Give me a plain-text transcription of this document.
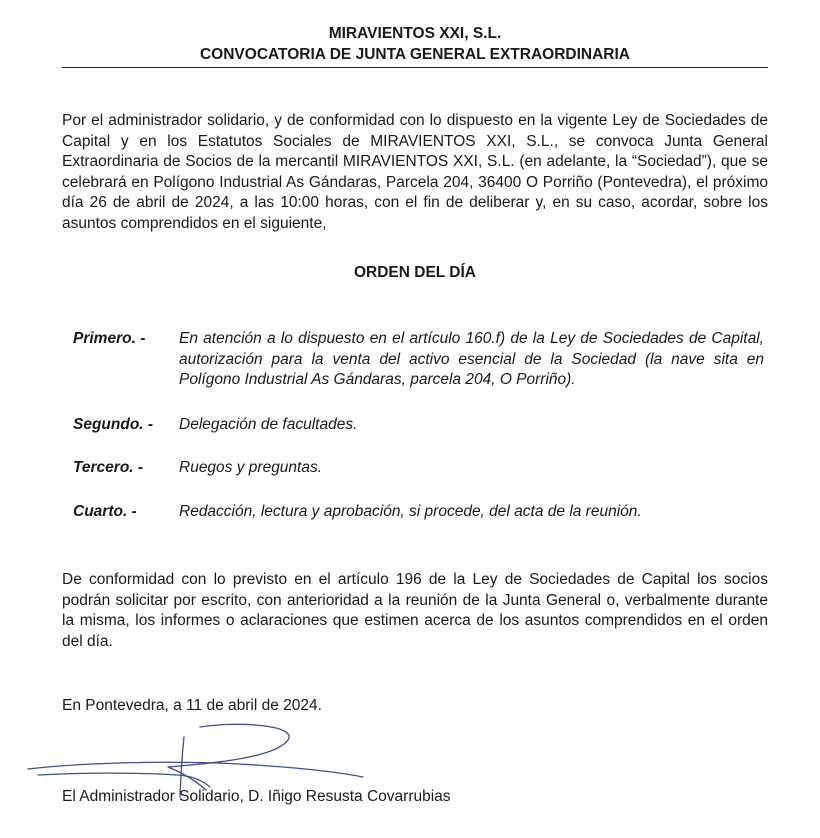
MIRAVIENTOS XXI, S.L.
CONVOCATORIA DE JUNTA GENERAL EXTRAORDINARIA
Por el administrador solidario, y de conformidad con lo dispuesto en la vigente Ley de Sociedades de Capital y en los Estatutos Sociales de MIRAVIENTOS XXI, S.L., se convoca Junta General Extraordinaria de Socios de la mercantil MIRAVIENTOS XXI, S.L. (en adelante, la “Sociedad”), que se celebrará en Polígono Industrial As Gándaras, Parcela 204, 36400 O Porriño (Pontevedra), el próximo día 26 de abril de 2024, a las 10:00 horas, con el fin de deliberar y, en su caso, acordar, sobre los asuntos comprendidos en el siguiente,
ORDEN DEL DÍA
Primero. - En atención a lo dispuesto en el artículo 160.f) de la Ley de Sociedades de Capital, autorización para la venta del activo esencial de la Sociedad (la nave sita en Polígono Industrial As Gándaras, parcela 204, O Porriño).
Segundo. - Delegación de facultades.
Tercero. - Ruegos y preguntas.
Cuarto. -	Redacción, lectura y aprobación, si procede, del acta de la reunión.
De conformidad con lo previsto en el artículo 196 de la Ley de Sociedades de Capital los socios podrán solicitar por escrito, con anterioridad a la reunión de la Junta General o, verbalmente durante la misma, los informes o aclaraciones que estimen acerca de los asuntos comprendidos en el orden del día.
En Pontevedra, a 11 de abril de 2024.
El Administrador Solidario, D. Iñigo Resusta Covarrubias
